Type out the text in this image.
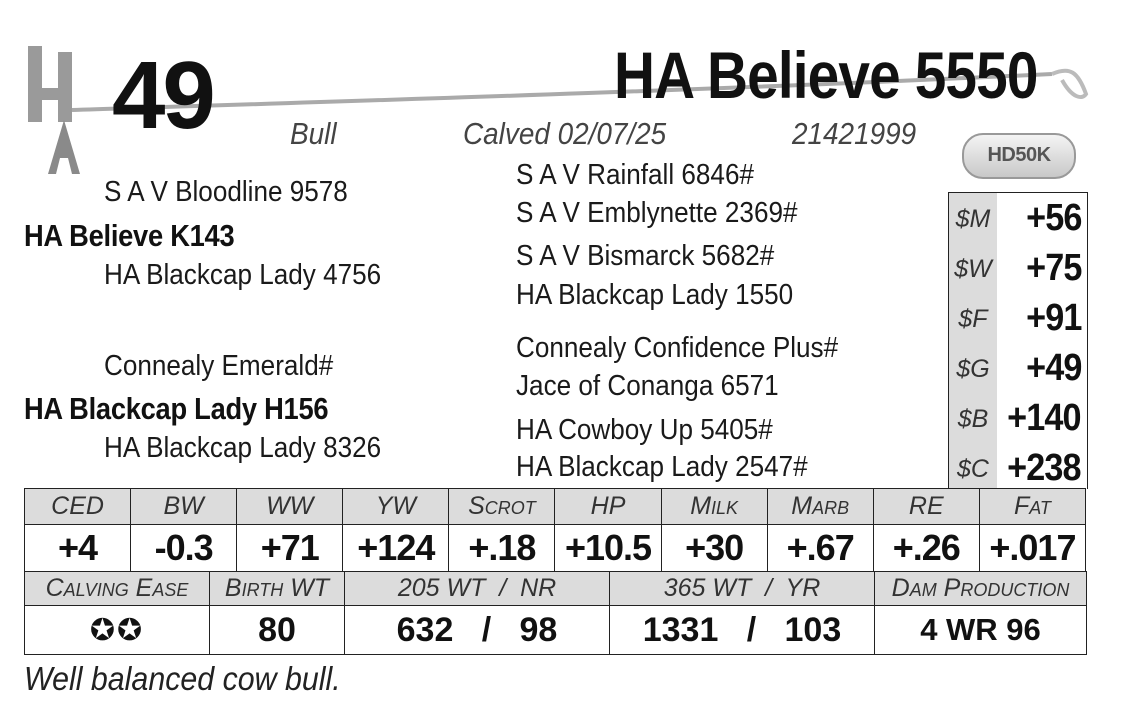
49	HA Believe 5550
Bull	Calved 02/07/25	21421999
HD50K
S A V Bloodline 9578
HA Believe K143
HA Blackcap Lady 4756
Connealy Emerald#
HA Blackcap Lady H156
HA Blackcap Lady 8326
S A V Rainfall 6846#
S A V Emblynette 2369#
S A V Bismarck 5682#
HA Blackcap Lady 1550
Connealy Confidence Plus#
Jace of Conanga 6571
HA Cowboy Up 5405#
HA Blackcap Lady 2547#
$M +56
$W +75
$F +91
$G +49
$B +140
$C +238
CED	BW	WW	YW	Scrot	HP	Milk	Marb	RE	Fat
+4	-0.3	+71	+124	+.18	+10.5	+30	+.67	+.26	+.017
Calving Ease	Birth WT	205 WT  /  NR	365 WT  /  YR	Dam Production
✪✪	80	632   /   98	1331   /   103	4 WR 96
Well balanced cow bull.
